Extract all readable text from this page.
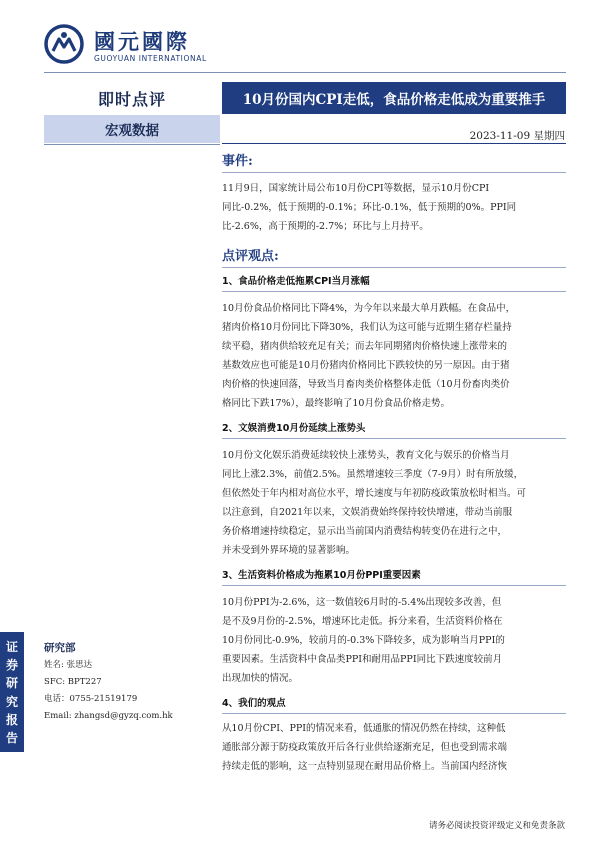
國元國際
GUOYUAN INTERNATIONAL
即时点评	10月份国内CPI走低，食品价格走低成为重要推手
宏观数据	2023-11-09 星期四
证
券
研
究
报
告
研究部
姓名: 张思达
SFC: BPT227
电话：0755-21519179
Email: zhangsd@gyzq.com.hk
事件:
11月9日，国家统计局公布10月份CPI等数据，显示10月份CPI
同比-0.2%，低于预期的-0.1%；环比-0.1%，低于预期的0%。PPI同
比-2.6%，高于预期的-2.7%；环比与上月持平。
点评观点:
1、食品价格走低拖累CPI当月涨幅
10月份食品价格同比下降4%，为今年以来最大单月跌幅。在食品中，
猪肉价格10月份同比下降30%，我们认为这可能与近期生猪存栏量持
续平稳，猪肉供给较充足有关；而去年同期猪肉价格快速上涨带来的
基数效应也可能是10月份猪肉价格同比下跌较快的另一原因。由于猪
肉价格的快速回落，导致当月畜肉类价格整体走低（10月份畜肉类价
格同比下跌17%），最终影响了10月份食品价格走势。
2、文娱消费10月份延续上涨势头
10月份文化娱乐消费延续较快上涨势头，教育文化与娱乐的价格当月
同比上涨2.3%，前值2.5%。虽然增速较三季度（7-9月）时有所放缓，
但依然处于年内相对高位水平，增长速度与年初防疫政策放松时相当。可
以注意到，自2021年以来，文娱消费始终保持较快增速，带动当前服
务价格增速持续稳定，显示出当前国内消费结构转变仍在进行之中，
并未受到外界环境的显著影响。
3、生活资料价格成为拖累10月份PPI重要因素
10月份PPI为-2.6%，这一数值较6月时的-5.4%出现较多改善，但
是不及9月份的-2.5%，增速环比走低。拆分来看，生活资料价格在
10月份同比-0.9%，较前月的-0.3%下降较多，成为影响当月PPI的
重要因素。生活资料中食品类PPI和耐用品PPI同比下跌速度较前月
出现加快的情况。
4、我们的观点
从10月份CPI、PPI的情况来看，低通胀的情况仍然在持续，这种低
通胀部分源于防疫政策放开后各行业供给逐渐充足，但也受到需求端
持续走低的影响，这一点特别显现在耐用品价格上。当前国内经济恢
请务必阅读投资评级定义和免责条款
